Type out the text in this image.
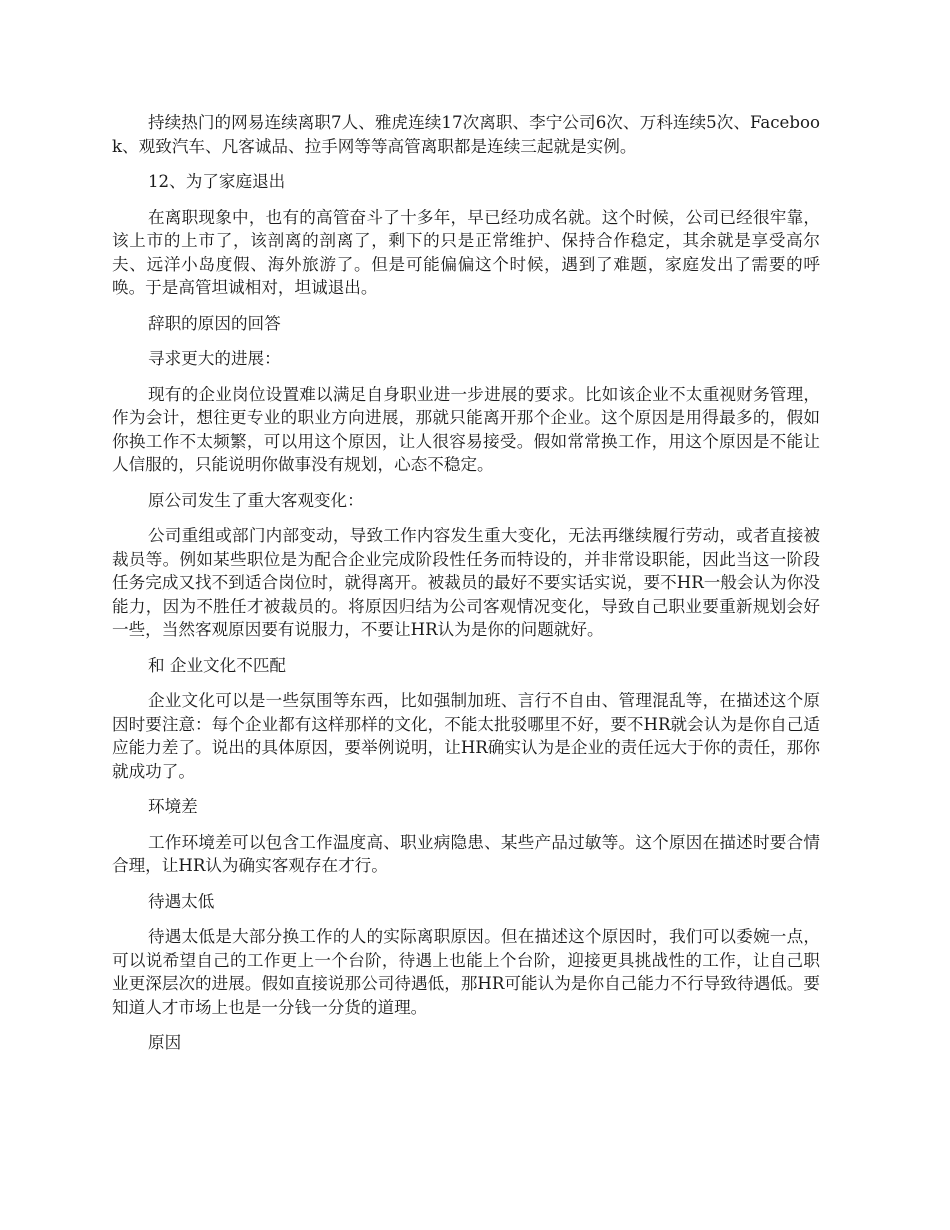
持续热门的网易连续离职7人、雅虎连续17次离职、李宁公司6次、万科连续5次、Facebook、观致汽车、凡客诚品、拉手网等等高管离职都是连续三起就是实例。

12、为了家庭退出

在离职现象中，也有的高管奋斗了十多年，早已经功成名就。这个时候，公司已经很牢靠，该上市的上市了，该剖离的剖离了，剩下的只是正常维护、保持合作稳定，其余就是享受高尔夫、远洋小岛度假、海外旅游了。但是可能偏偏这个时候，遇到了难题，家庭发出了需要的呼唤。于是高管坦诚相对，坦诚退出。

辞职的原因的回答

寻求更大的进展：

现有的企业岗位设置难以满足自身职业进一步进展的要求。比如该企业不太重视财务管理，作为会计，想往更专业的职业方向进展，那就只能离开那个企业。这个原因是用得最多的，假如你换工作不太频繁，可以用这个原因，让人很容易接受。假如常常换工作，用这个原因是不能让人信服的，只能说明你做事没有规划，心态不稳定。

原公司发生了重大客观变化：

公司重组或部门内部变动，导致工作内容发生重大变化，无法再继续履行劳动，或者直接被裁员等。例如某些职位是为配合企业完成阶段性任务而特设的，并非常设职能，因此当这一阶段任务完成又找不到适合岗位时，就得离开。被裁员的最好不要实话实说，要不HR一般会认为你没能力，因为不胜任才被裁员的。将原因归结为公司客观情况变化，导致自己职业要重新规划会好一些，当然客观原因要有说服力，不要让HR认为是你的问题就好。

和 企业文化不匹配

企业文化可以是一些氛围等东西，比如强制加班、言行不自由、管理混乱等，在描述这个原因时要注意：每个企业都有这样那样的文化，不能太批驳哪里不好，要不HR就会认为是你自己适应能力差了。说出的具体原因，要举例说明，让HR确实认为是企业的责任远大于你的责任，那你就成功了。

环境差

工作环境差可以包含工作温度高、职业病隐患、某些产品过敏等。这个原因在描述时要合情合理，让HR认为确实客观存在才行。

待遇太低

待遇太低是大部分换工作的人的实际离职原因。但在描述这个原因时，我们可以委婉一点，可以说希望自己的工作更上一个台阶，待遇上也能上个台阶，迎接更具挑战性的工作，让自己职业更深层次的进展。假如直接说那公司待遇低，那HR可能认为是你自己能力不行导致待遇低。要知道人才市场上也是一分钱一分货的道理。

原因
